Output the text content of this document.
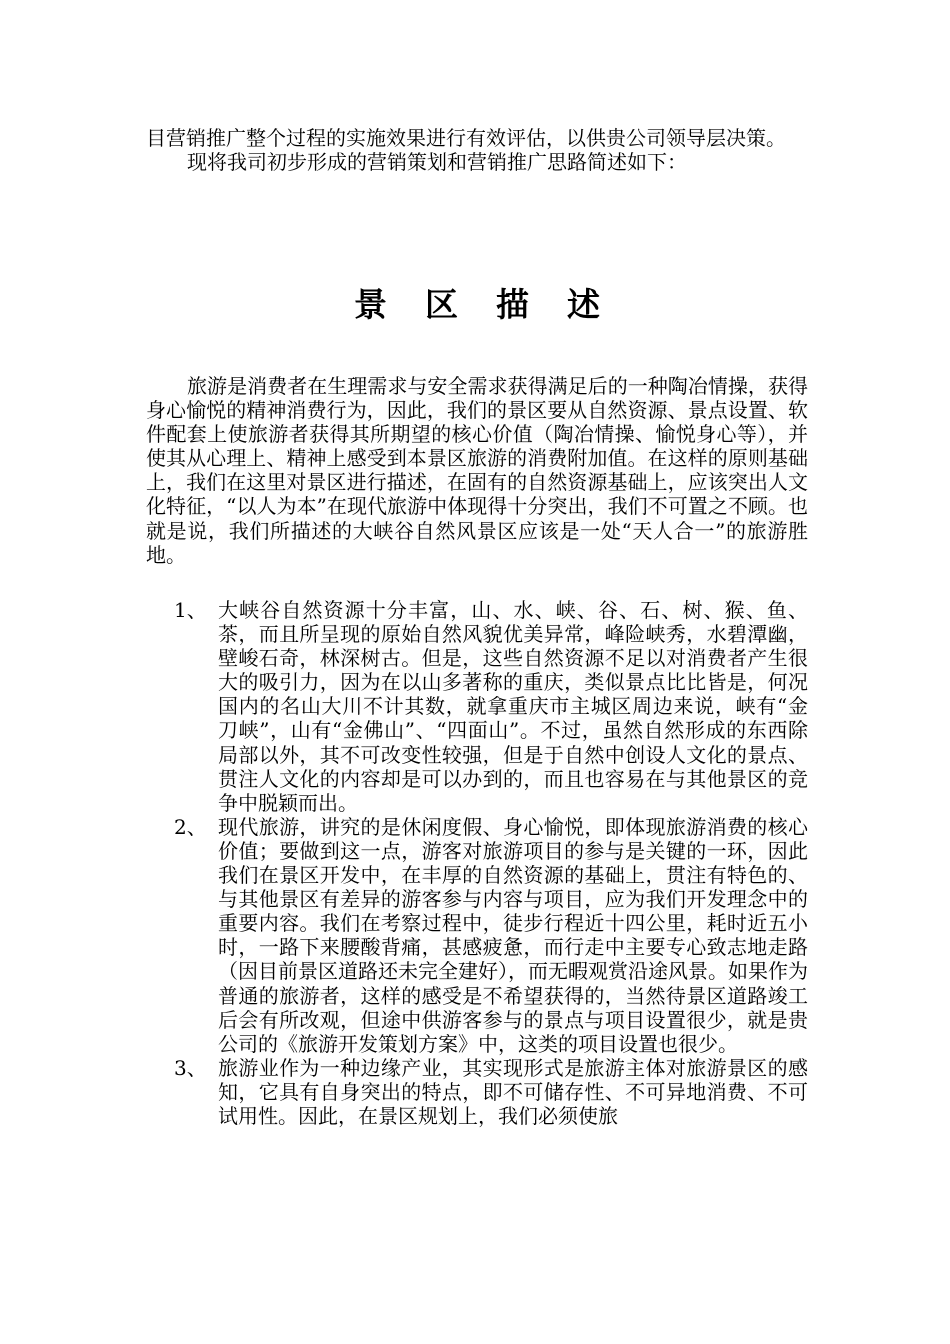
目营销推广整个过程的实施效果进行有效评估，以供贵公司领导层决策。

现将我司初步形成的营销策划和营销推广思路简述如下：

景区描述

旅游是消费者在生理需求与安全需求获得满足后的一种陶冶情操，获得身心愉悦的精神消费行为，因此，我们的景区要从自然资源、景点设置、软件配套上使旅游者获得其所期望的核心价值（陶冶情操、愉悦身心等），并使其从心理上、精神上感受到本景区旅游的消费附加值。在这样的原则基础上，我们在这里对景区进行描述，在固有的自然资源基础上，应该突出人文化特征，“以人为本”在现代旅游中体现得十分突出，我们不可置之不顾。也就是说，我们所描述的大峡谷自然风景区应该是一处“天人合一”的旅游胜地。

1、 大峡谷自然资源十分丰富，山、水、峡、谷、石、树、猴、鱼、茶，而且所呈现的原始自然风貌优美异常，峰险峡秀，水碧潭幽，壁峻石奇，林深树古。但是，这些自然资源不足以对消费者产生很大的吸引力，因为在以山多著称的重庆，类似景点比比皆是，何况国内的名山大川不计其数，就拿重庆市主城区周边来说，峡有“金刀峡”，山有“金佛山”、“四面山”。不过，虽然自然形成的东西除局部以外，其不可改变性较强，但是于自然中创设人文化的景点、贯注人文化的内容却是可以办到的，而且也容易在与其他景区的竞争中脱颖而出。
2、 现代旅游，讲究的是休闲度假、身心愉悦，即体现旅游消费的核心价值；要做到这一点，游客对旅游项目的参与是关键的一环，因此我们在景区开发中，在丰厚的自然资源的基础上，贯注有特色的、与其他景区有差异的游客参与内容与项目，应为我们开发理念中的重要内容。我们在考察过程中，徒步行程近十四公里，耗时近五小时，一路下来腰酸背痛，甚感疲惫，而行走中主要专心致志地走路（因目前景区道路还未完全建好），而无暇观赏沿途风景。如果作为普通的旅游者，这样的感受是不希望获得的，当然待景区道路竣工后会有所改观，但途中供游客参与的景点与项目设置很少，就是贵公司的《旅游开发策划方案》中，这类的项目设置也很少。
3、 旅游业作为一种边缘产业，其实现形式是旅游主体对旅游景区的感知，它具有自身突出的特点，即不可储存性、不可异地消费、不可试用性。因此，在景区规划上，我们必须使旅
